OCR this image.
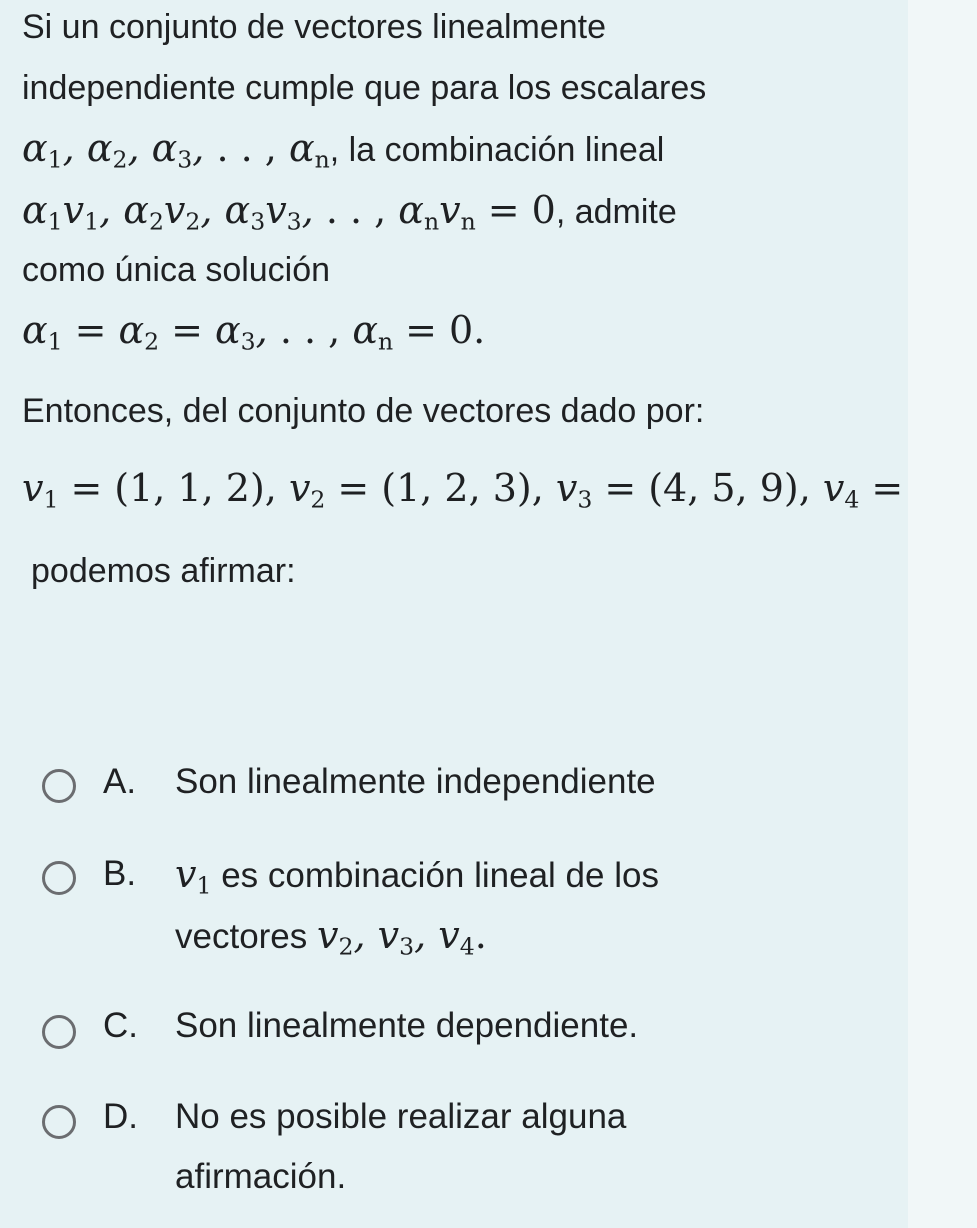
Si un conjunto de vectores linealmente
independiente cumple que para los escalares
$\alpha_1$, $\alpha_2$, $\alpha_3$, . . , $\alpha_n$, la combinación lineal
$\alpha_1v_1$, $\alpha_2v_2$, $\alpha_3v_3$, . . , $\alpha_nv_n = 0$, admite
como única solución
$\alpha_1 = \alpha_2 = \alpha_3$, . . , $\alpha_n = 0$.
Entonces, del conjunto de vectores dado por:
$v_1 = (1$, 1, 2), $v_2 = (1$, 2, 3), $v_3 = (4$, 5, 9), $v_4$ =
podemos afirmar:
A. Son linealmente independiente
B. $v_1$ es combinación lineal de los
vectores $v_2$, $v_3$, $v_4$.
C. Son linealmente dependiente.
D. No es posible realizar alguna
afirmación.
